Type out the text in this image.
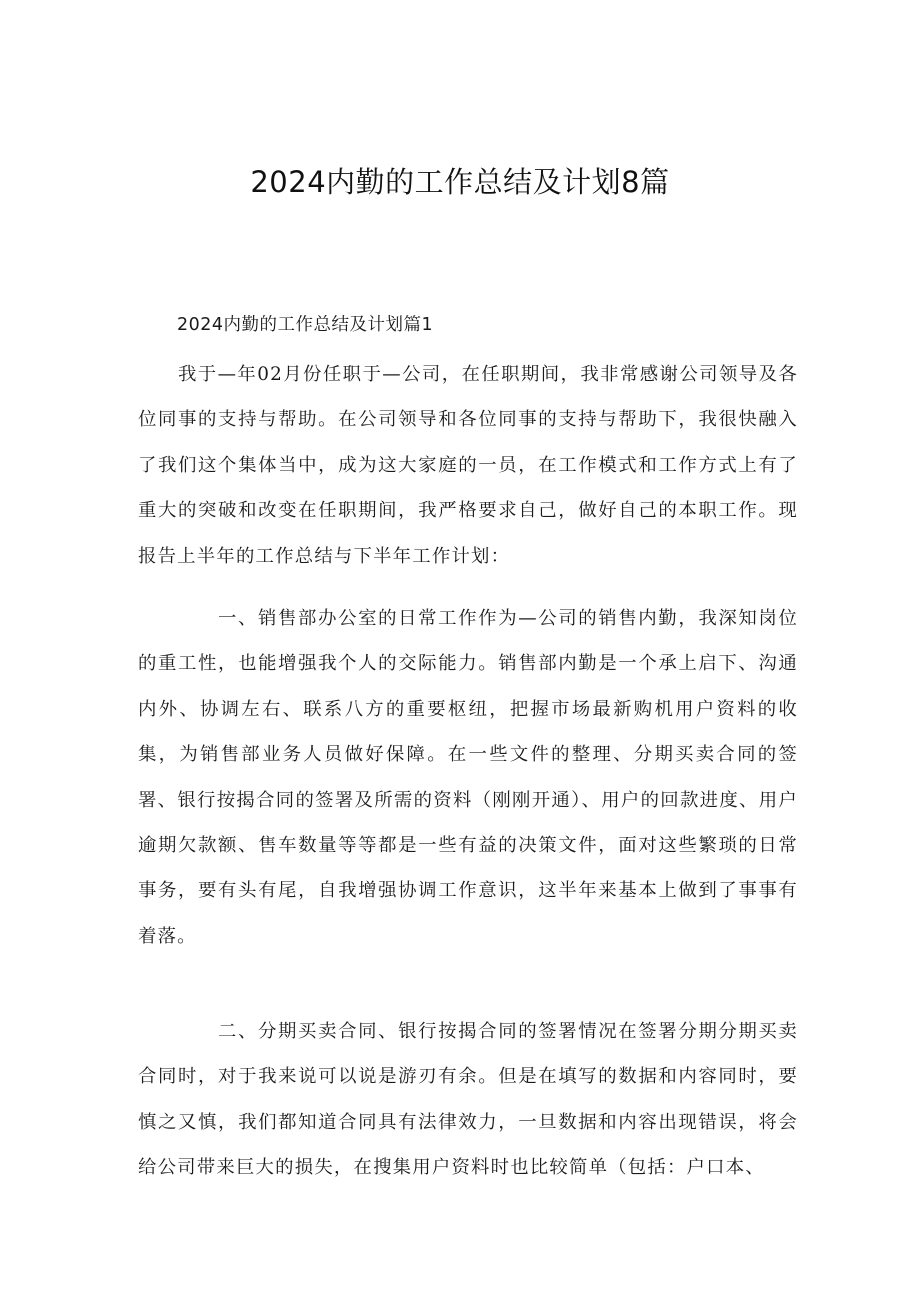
2024内勤的工作总结及计划8篇

2024内勤的工作总结及计划篇1

我于—年02月份任职于—公司，在任职期间，我非常感谢公司领导及各位同事的支持与帮助。在公司领导和各位同事的支持与帮助下，我很快融入了我们这个集体当中，成为这大家庭的一员，在工作模式和工作方式上有了重大的突破和改变在任职期间，我严格要求自己，做好自己的本职工作。现报告上半年的工作总结与下半年工作计划：

一、销售部办公室的日常工作作为—公司的销售内勤，我深知岗位的重工性，也能增强我个人的交际能力。销售部内勤是一个承上启下、沟通内外、协调左右、联系八方的重要枢纽，把握市场最新购机用户资料的收集，为销售部业务人员做好保障。在一些文件的整理、分期买卖合同的签署、银行按揭合同的签署及所需的资料（刚刚开通）、用户的回款进度、用户逾期欠款额、售车数量等等都是一些有益的决策文件，面对这些繁琐的日常事务，要有头有尾，自我增强协调工作意识，这半年来基本上做到了事事有着落。

二、分期买卖合同、银行按揭合同的签署情况在签署分期分期买卖合同时，对于我来说可以说是游刃有余。但是在填写的数据和内容同时，要慎之又慎，我们都知道合同具有法律效力，一旦数据和内容出现错误，将会给公司带来巨大的损失，在搜集用户资料时也比较简单（包括：户口本、
